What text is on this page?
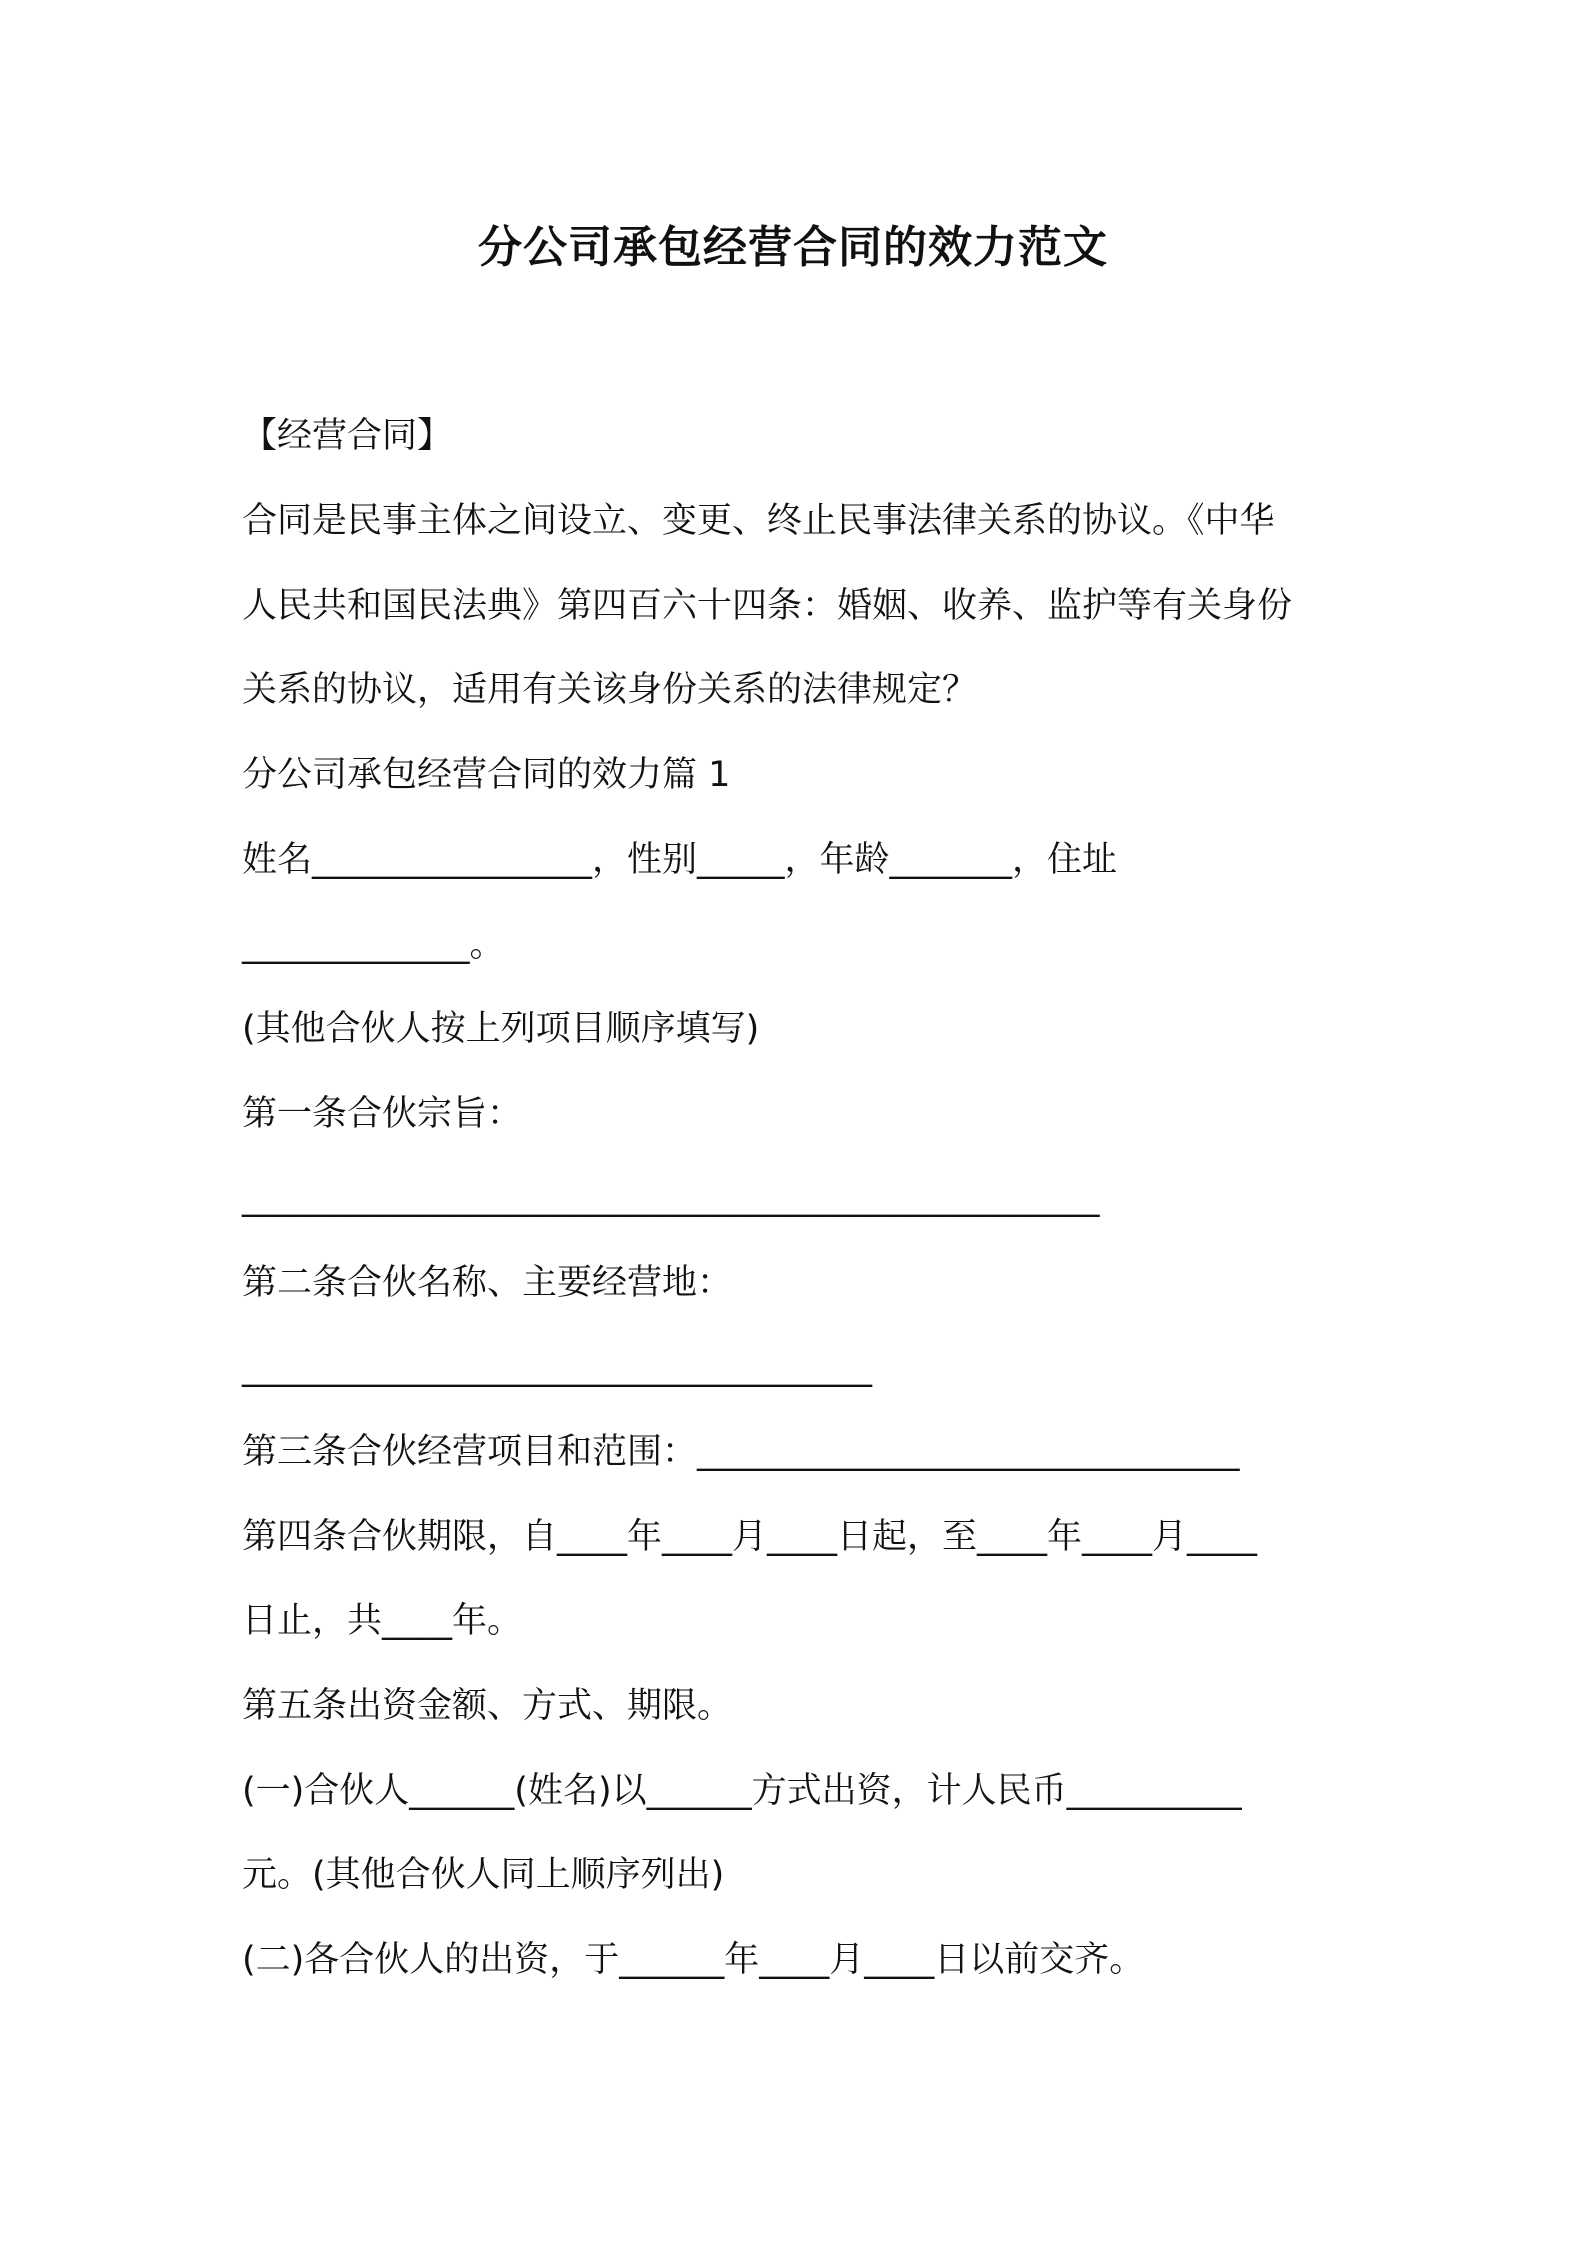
分公司承包经营合同的效力范文
【经营合同】
合同是民事主体之间设立、变更、终止民事法律关系的协议。《中华
人民共和国民法典》第四百六十四条：婚姻、收养、监护等有关身份
关系的协议，适用有关该身份关系的法律规定？
分公司承包经营合同的效力篇 1
姓名________________，性别_____，年龄_______，住址
_____________。
(其他合伙人按上列项目顺序填写)
第一条合伙宗旨：
_________________________________________________
第二条合伙名称、主要经营地：
____________________________________
第三条合伙经营项目和范围：_______________________________
第四条合伙期限，自____年____月____日起，至____年____月____
日止，共____年。
第五条出资金额、方式、期限。
(一)合伙人______(姓名)以______方式出资，计人民币__________
元。(其他合伙人同上顺序列出)
(二)各合伙人的出资，于______年____月____日以前交齐。
